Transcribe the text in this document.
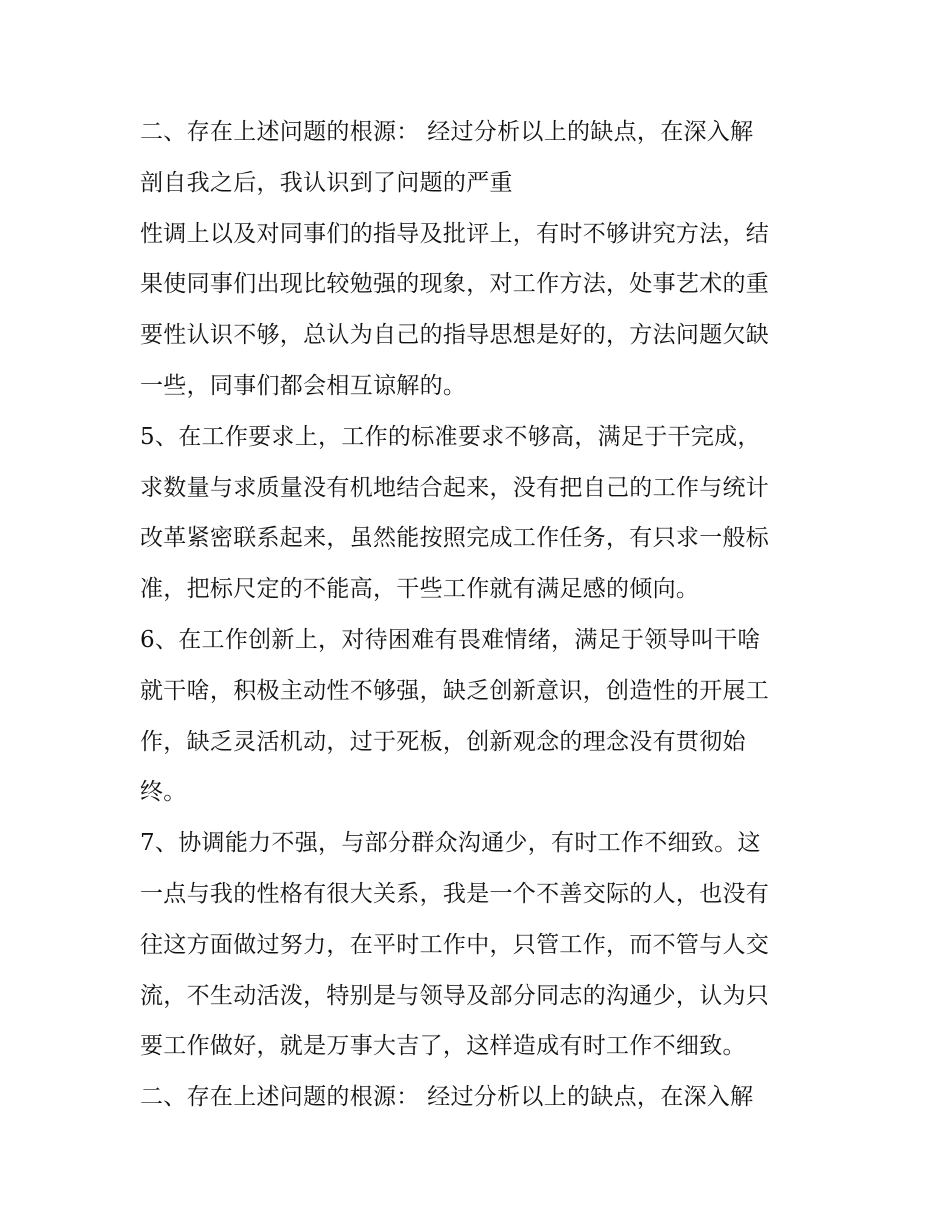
二、存在上述问题的根源： 经过分析以上的缺点，在深入解
剖自我之后，我认识到了问题的严重
性调上以及对同事们的指导及批评上，有时不够讲究方法，结
果使同事们出现比较勉强的现象，对工作方法，处事艺术的重
要性认识不够，总认为自己的指导思想是好的，方法问题欠缺
一些，同事们都会相互谅解的。
5、在工作要求上，工作的标准要求不够高，满足于干完成，
求数量与求质量没有机地结合起来，没有把自己的工作与统计
改革紧密联系起来，虽然能按照完成工作任务，有只求一般标
准，把标尺定的不能高，干些工作就有满足感的倾向。
6、在工作创新上，对待困难有畏难情绪，满足于领导叫干啥
就干啥，积极主动性不够强，缺乏创新意识，创造性的开展工
作，缺乏灵活机动，过于死板，创新观念的理念没有贯彻始
终。
7、协调能力不强，与部分群众沟通少，有时工作不细致。这
一点与我的性格有很大关系，我是一个不善交际的人，也没有
往这方面做过努力，在平时工作中，只管工作，而不管与人交
流，不生动活泼，特别是与领导及部分同志的沟通少，认为只
要工作做好，就是万事大吉了，这样造成有时工作不细致。
二、存在上述问题的根源： 经过分析以上的缺点，在深入解
